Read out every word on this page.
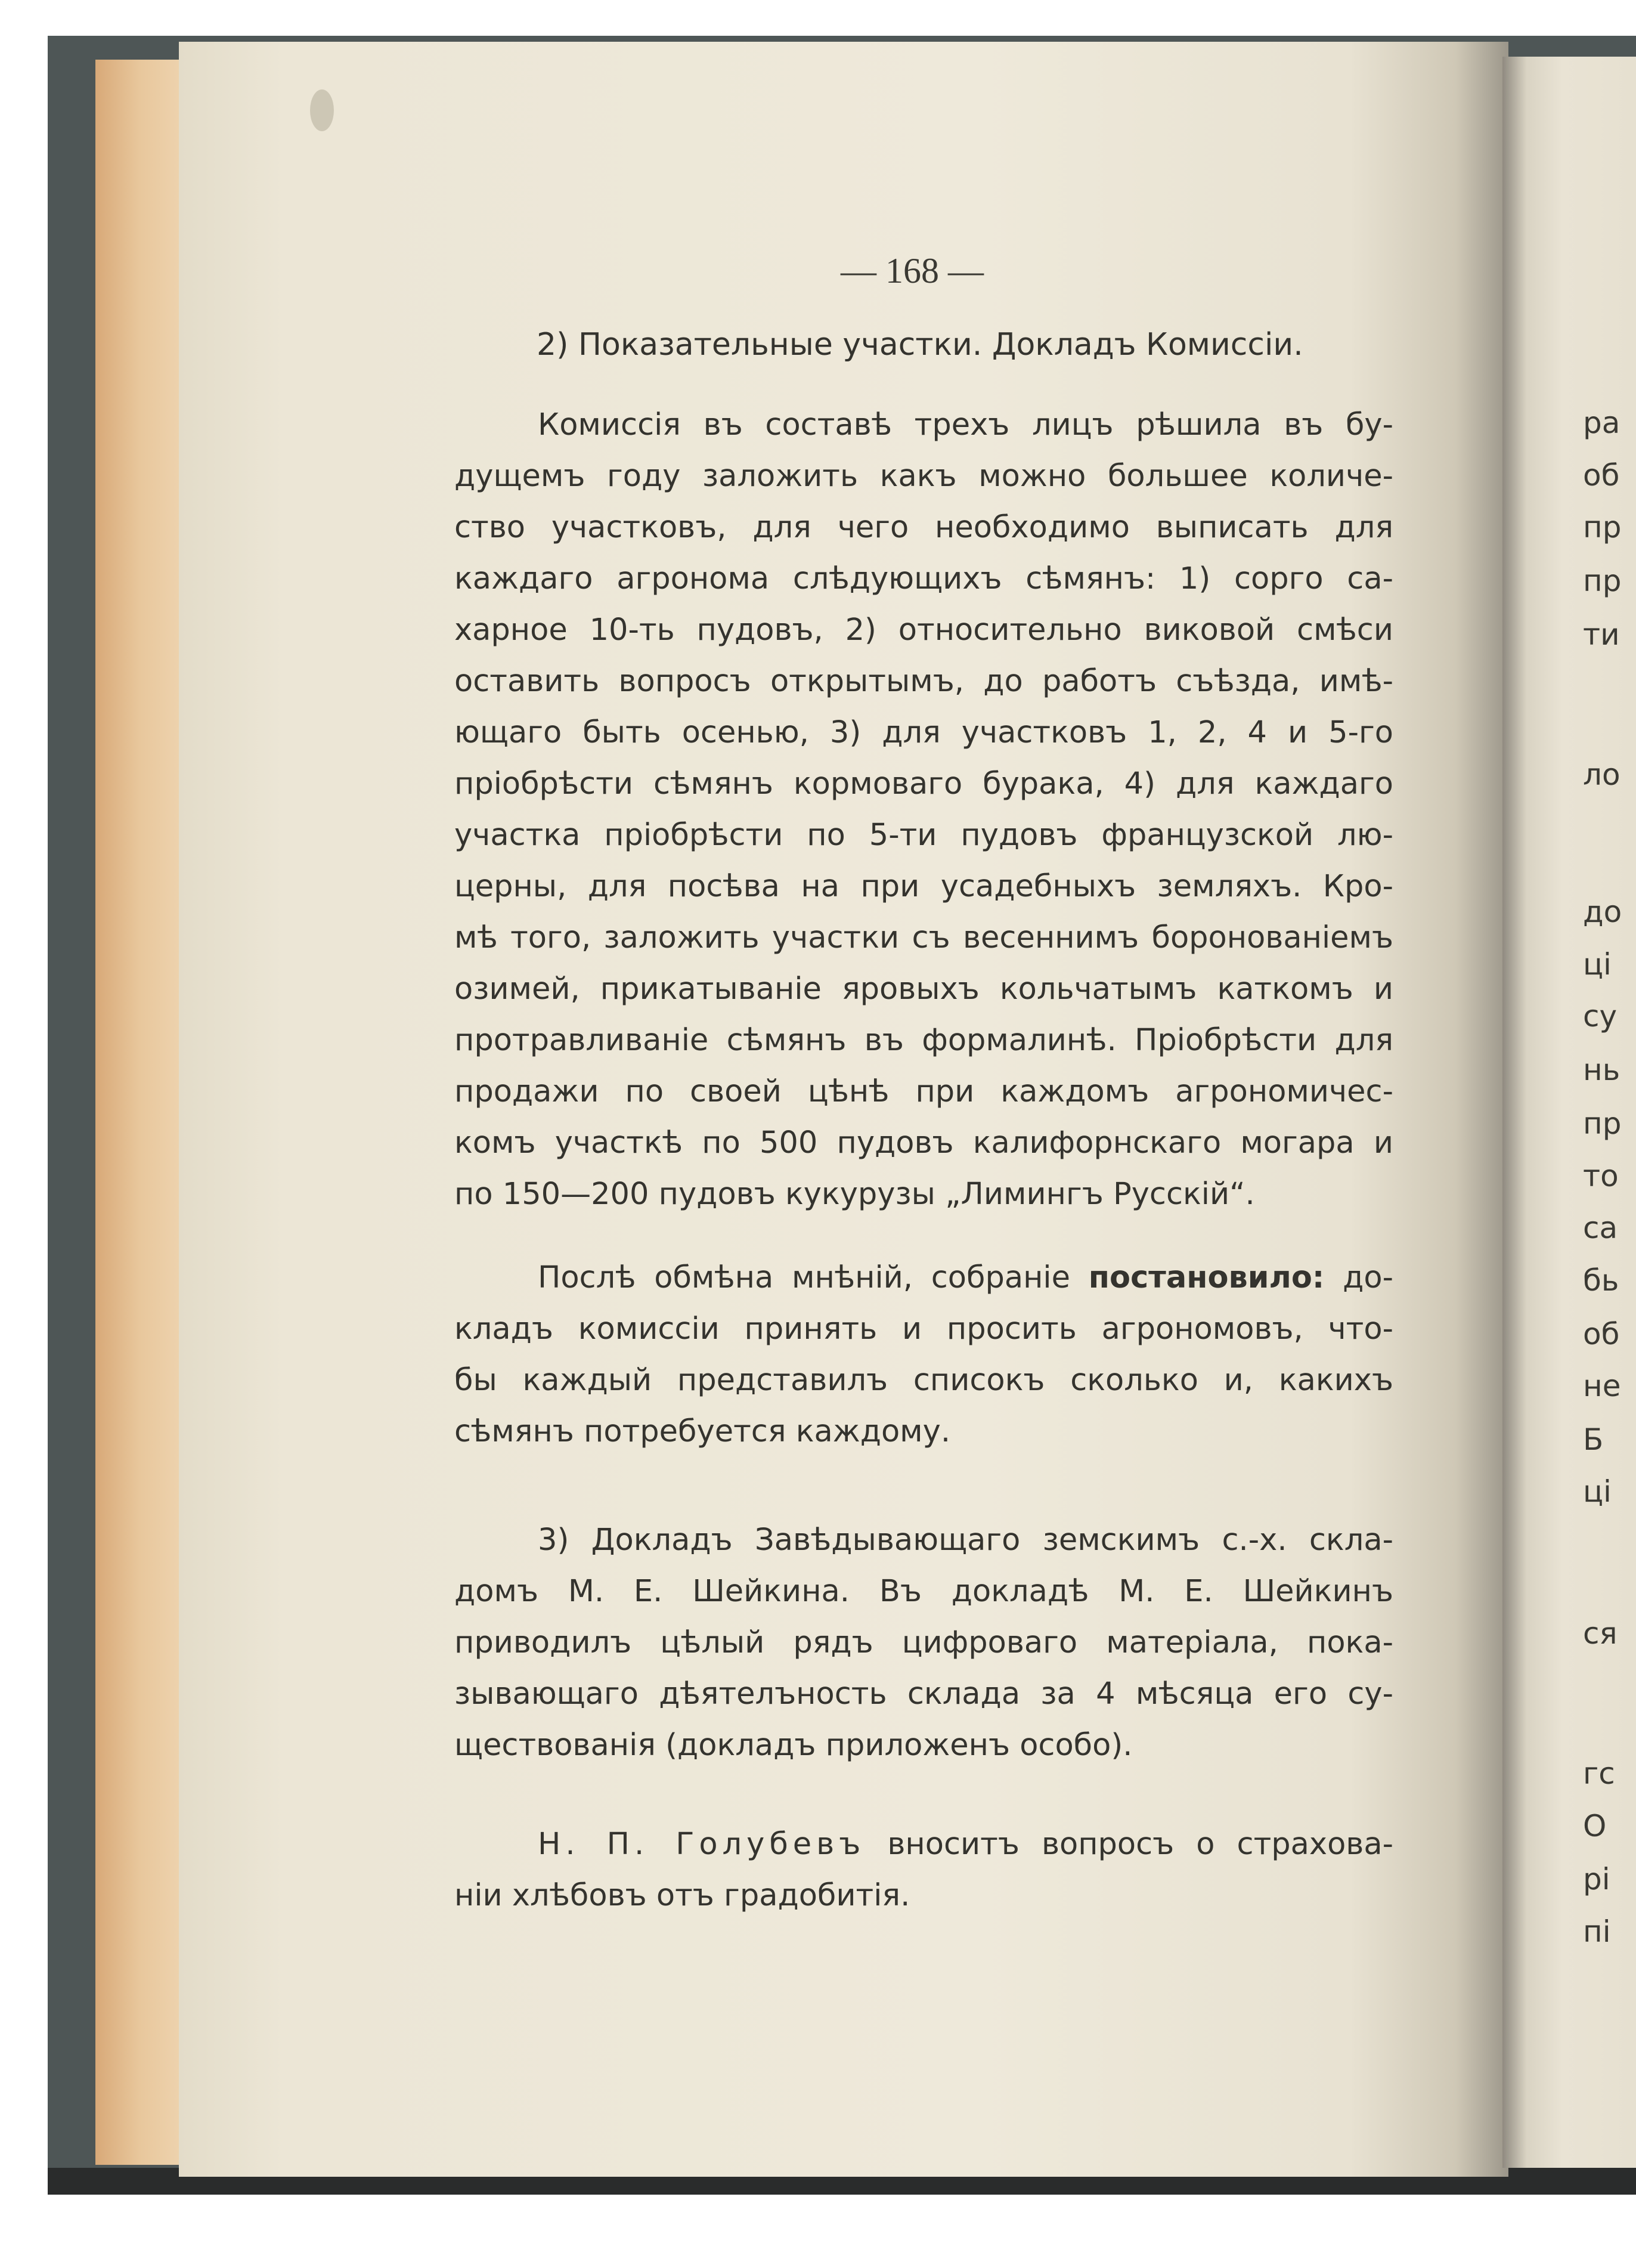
— 168 —
2) Показательные участки. Докладъ Комиссіи.
Комиссія въ составѣ трехъ лицъ рѣшила въ бу-
дущемъ году заложить какъ можно большее количе-
ство участковъ, для чего необходимо выписать для
каждаго агронома слѣдующихъ сѣмянъ: 1) сорго са-
харное 10-ть пудовъ, 2) относительно виковой смѣси
оставить вопросъ открытымъ, до работъ съѣзда, имѣ-
ющаго быть осенью, 3) для участковъ 1, 2, 4 и 5-го
пріобрѣсти сѣмянъ кормоваго бурака, 4) для каждаго
участка пріобрѣсти по 5-ти пудовъ французской лю-
церны, для посѣва на при усадебныхъ земляхъ. Кро-
мѣ того, заложить участки съ весеннимъ боронованіемъ
озимей, прикатываніе яровыхъ кольчатымъ каткомъ и
протравливаніе сѣмянъ въ формалинѣ. Пріобрѣсти для
продажи по своей цѣнѣ при каждомъ агрономичес-
комъ участкѣ по 500 пудовъ калифорнскаго могара и
по 150—200 пудовъ кукурузы „Лимингъ Русскій“.
Послѣ обмѣна мнѣній, собраніе постановило: до-
кладъ комиссіи принять и просить агрономовъ, что-
бы каждый представилъ списокъ сколько и, какихъ
сѣмянъ потребуется каждому.
3) Докладъ Завѣдывающаго земскимъ с.-х. скла-
домъ М. Е. Шейкина. Въ докладѣ М. Е. Шейкинъ
приводилъ цѣлый рядъ цифроваго матеріала, пока-
зывающаго дѣятелъность склада за 4 мѣсяца его су-
ществованія (докладъ приложенъ особо).
Н. П. Голубевъ вноситъ вопросъ о страхова-
ніи хлѣбовъ отъ градобитія.
ра
об
пр
пр
ти
ло
до
ці
су
нь
пр
то
са
бь
об
не
Б
ці
ся
гс
О
рі
пі
